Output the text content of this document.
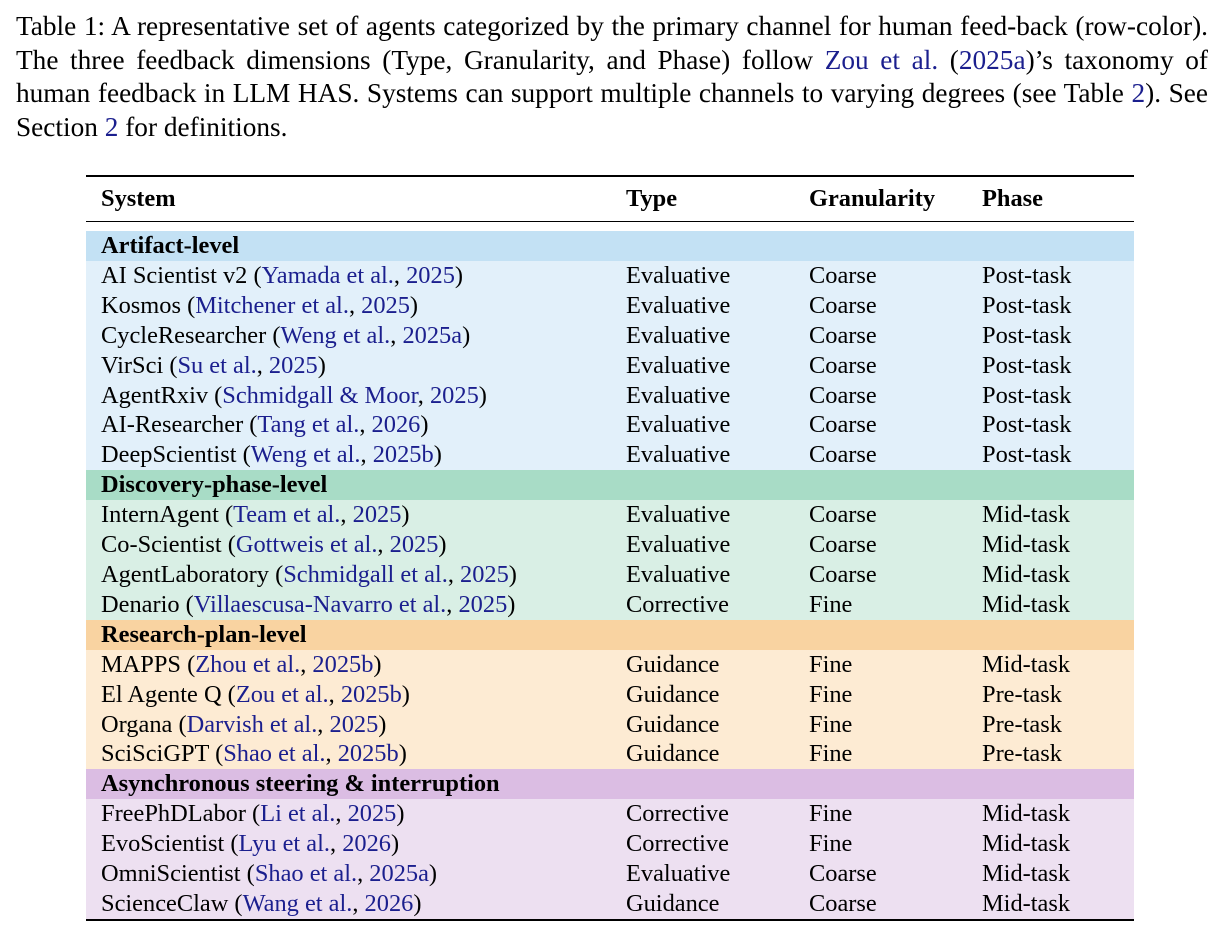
Table 1: A representative set of agents categorized by the primary channel for human feed-back (row-color). The three feedback dimensions (Type, Granularity, and Phase) follow Zou et al. (2025a)’s taxonomy of human feedback in LLM HAS. Systems can support multiple channels to varying degrees (see Table 2). See Section 2 for definitions.
System	Type	Granularity	Phase

Artifact-level			
AI Scientist v2 (Yamada et al., 2025)	Evaluative	Coarse	Post-task
Kosmos (Mitchener et al., 2025)	Evaluative	Coarse	Post-task
CycleResearcher (Weng et al., 2025a)	Evaluative	Coarse	Post-task
VirSci (Su et al., 2025)	Evaluative	Coarse	Post-task
AgentRxiv (Schmidgall & Moor, 2025)	Evaluative	Coarse	Post-task
AI-Researcher (Tang et al., 2026)	Evaluative	Coarse	Post-task
DeepScientist (Weng et al., 2025b)	Evaluative	Coarse	Post-task
Discovery-phase-level			
InternAgent (Team et al., 2025)	Evaluative	Coarse	Mid-task
Co-Scientist (Gottweis et al., 2025)	Evaluative	Coarse	Mid-task
AgentLaboratory (Schmidgall et al., 2025)	Evaluative	Coarse	Mid-task
Denario (Villaescusa-Navarro et al., 2025)	Corrective	Fine	Mid-task
Research-plan-level			
MAPPS (Zhou et al., 2025b)	Guidance	Fine	Mid-task
El Agente Q (Zou et al., 2025b)	Guidance	Fine	Pre-task
Organa (Darvish et al., 2025)	Guidance	Fine	Pre-task
SciSciGPT (Shao et al., 2025b)	Guidance	Fine	Pre-task
Asynchronous steering & interruption			
FreePhDLabor (Li et al., 2025)	Corrective	Fine	Mid-task
EvoScientist (Lyu et al., 2026)	Corrective	Fine	Mid-task
OmniScientist (Shao et al., 2025a)	Evaluative	Coarse	Mid-task
ScienceClaw (Wang et al., 2026)	Guidance	Coarse	Mid-task
